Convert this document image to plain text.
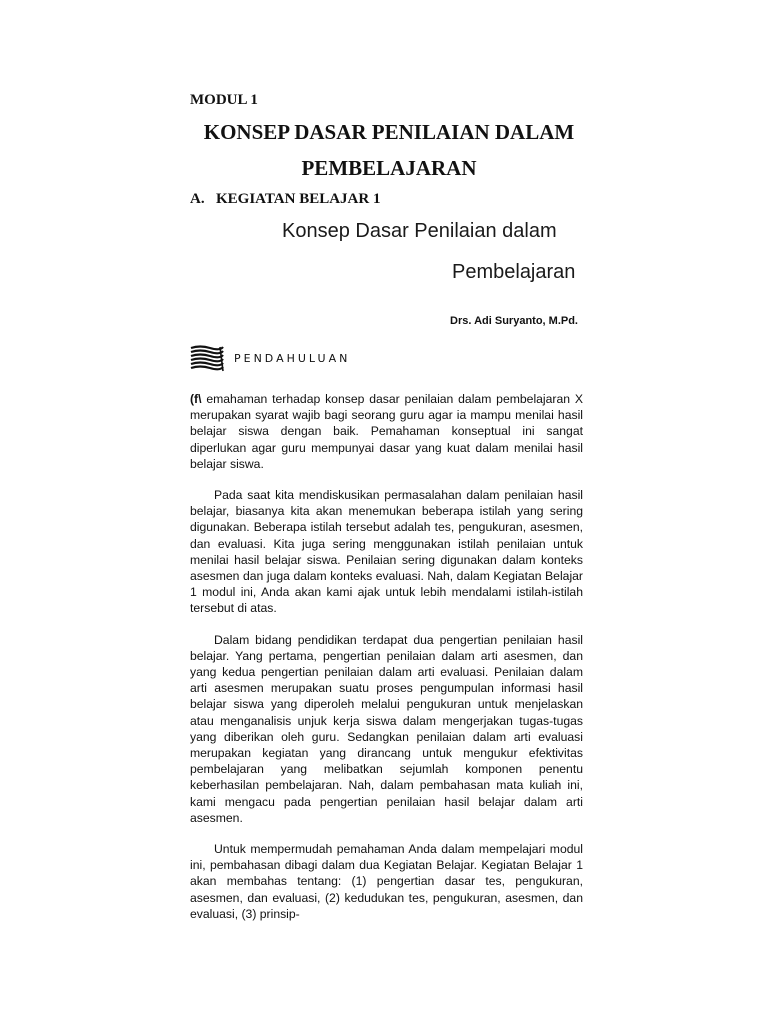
MODUL 1
KONSEP DASAR PENILAIAN DALAM
PEMBELAJARAN
A. KEGIATAN BELAJAR 1
Konsep Dasar Penilaian dalam
Pembelajaran
Drs. Adi Suryanto, M.Pd.
PENDAHULUAN

(f\ emahaman terhadap konsep dasar penilaian dalam pembelajaran X merupakan syarat wajib bagi seorang guru agar ia mampu menilai hasil belajar siswa dengan baik. Pemahaman konseptual ini sangat diperlukan agar guru mempunyai dasar yang kuat dalam menilai hasil belajar siswa.

Pada saat kita mendiskusikan permasalahan dalam penilaian hasil belajar, biasanya kita akan menemukan beberapa istilah yang sering digunakan. Beberapa istilah tersebut adalah tes, pengukuran, asesmen, dan evaluasi. Kita juga sering menggunakan istilah penilaian untuk menilai hasil belajar siswa. Penilaian sering digunakan dalam konteks asesmen dan juga dalam konteks evaluasi. Nah, dalam Kegiatan Belajar 1 modul ini, Anda akan kami ajak untuk lebih mendalami istilah-istilah tersebut di atas.

Dalam bidang pendidikan terdapat dua pengertian penilaian hasil belajar. Yang pertama, pengertian penilaian dalam arti asesmen, dan yang kedua pengertian penilaian dalam arti evaluasi. Penilaian dalam arti asesmen merupakan suatu proses pengumpulan informasi hasil belajar siswa yang diperoleh melalui pengukuran untuk menjelaskan atau menganalisis unjuk kerja siswa dalam mengerjakan tugas-tugas yang diberikan oleh guru. Sedangkan penilaian dalam arti evaluasi merupakan kegiatan yang dirancang untuk mengukur efektivitas pembelajaran yang melibatkan sejumlah komponen penentu keberhasilan pembelajaran. Nah, dalam pembahasan mata kuliah ini, kami mengacu pada pengertian penilaian hasil belajar dalam arti asesmen.

Untuk mempermudah pemahaman Anda dalam mempelajari modul ini, pembahasan dibagi dalam dua Kegiatan Belajar. Kegiatan Belajar 1 akan membahas tentang: (1) pengertian dasar tes, pengukuran, asesmen, dan evaluasi, (2) kedudukan tes, pengukuran, asesmen, dan evaluasi, (3) prinsip-
